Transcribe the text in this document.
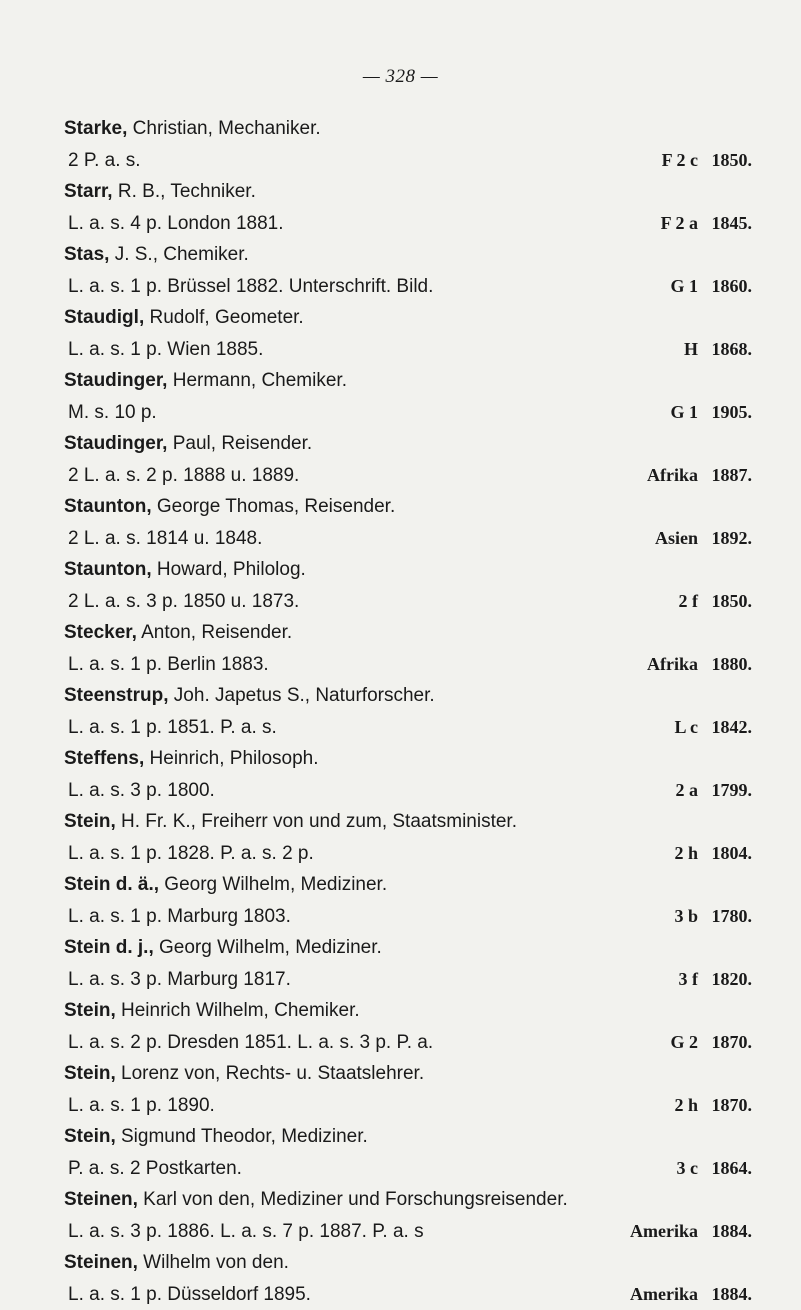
— 328 —
Starke, Christian, Mechaniker.
2 P. a. s.	F 2 c 1850.
Starr, R. B., Techniker.
L. a. s. 4 p. London 1881.	F 2 a 1845.
Stas, J. S., Chemiker.
L. a. s. 1 p. Brüssel 1882. Unterschrift. Bild.	G 1 1860.
Staudigl, Rudolf, Geometer.
L. a. s. 1 p. Wien 1885.	H 1868.
Staudinger, Hermann, Chemiker.
M. s. 10 p.	G 1 1905.
Staudinger, Paul, Reisender.
2 L. a. s. 2 p. 1888 u. 1889.	Afrika 1887.
Staunton, George Thomas, Reisender.
2 L. a. s. 1814 u. 1848.	Asien 1892.
Staunton, Howard, Philolog.
2 L. a. s. 3 p. 1850 u. 1873.	2 f 1850.
Stecker, Anton, Reisender.
L. a. s. 1 p. Berlin 1883.	Afrika 1880.
Steenstrup, Joh. Japetus S., Naturforscher.
L. a. s. 1 p. 1851. P. a. s.	L c 1842.
Steffens, Heinrich, Philosoph.
L. a. s. 3 p. 1800.	2 a 1799.
Stein, H. Fr. K., Freiherr von und zum, Staatsminister.
L. a. s. 1 p. 1828. P. a. s. 2 p.	2 h 1804.
Stein d. ä., Georg Wilhelm, Mediziner.
L. a. s. 1 p. Marburg 1803.	3 b 1780.
Stein d. j., Georg Wilhelm, Mediziner.
L. a. s. 3 p. Marburg 1817.	3 f 1820.
Stein, Heinrich Wilhelm, Chemiker.
L. a. s. 2 p. Dresden 1851. L. a. s. 3 p. P. a.	G 2 1870.
Stein, Lorenz von, Rechts- u. Staatslehrer.
L. a. s. 1 p. 1890.	2 h 1870.
Stein, Sigmund Theodor, Mediziner.
P. a. s. 2 Postkarten.	3 c 1864.
Steinen, Karl von den, Mediziner und Forschungsreisender.
L. a. s. 3 p. 1886. L. a. s. 7 p. 1887. P. a. s	Amerika 1884.
Steinen, Wilhelm von den.
L. a. s. 1 p. Düsseldorf 1895.	Amerika 1884.
